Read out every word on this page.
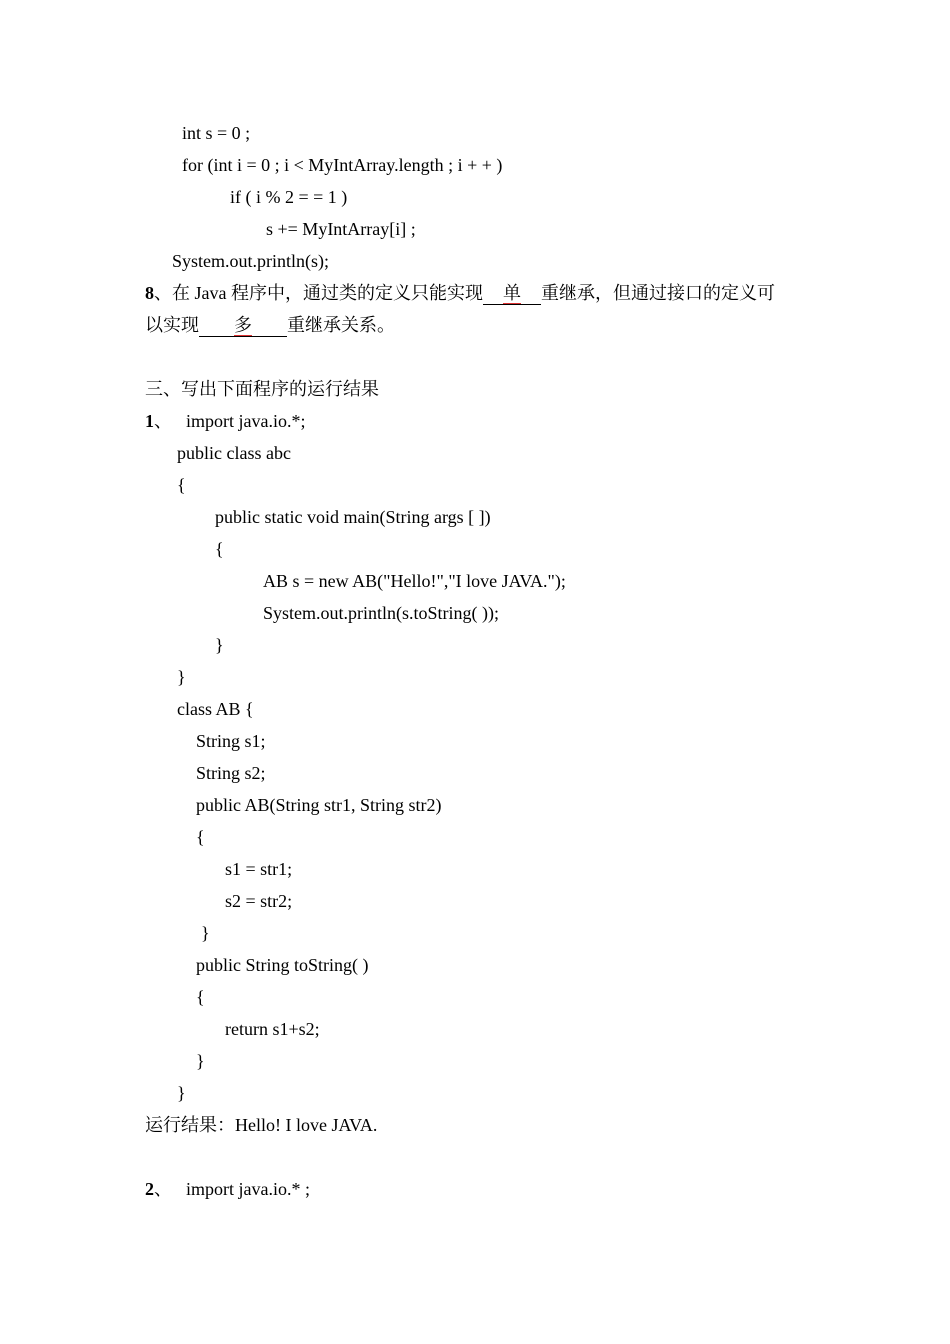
int s = 0 ;
for (int i = 0 ; i < MyIntArray.length ; i + + )
if ( i % 2 = = 1 )
s += MyIntArray[i] ;
System.out.println(s);
8、在 Java 程序中，通过类的定义只能实现 单 重继承，但通过接口的定义可
以实现 多 重继承关系。
三、写出下面程序的运行结果
1、 import java.io.*;
public class abc
{
public static void main(String args [ ])
{
AB s = new AB("Hello!","I love JAVA.");
System.out.println(s.toString( ));
}
}
class AB {
String s1;
String s2;
public AB(String str1, String str2)
{
s1 = str1;
s2 = str2;
}
public String toString( )
{
return s1+s2;
}
}
运行结果：Hello! I love JAVA.
2、 import java.io.* ;
